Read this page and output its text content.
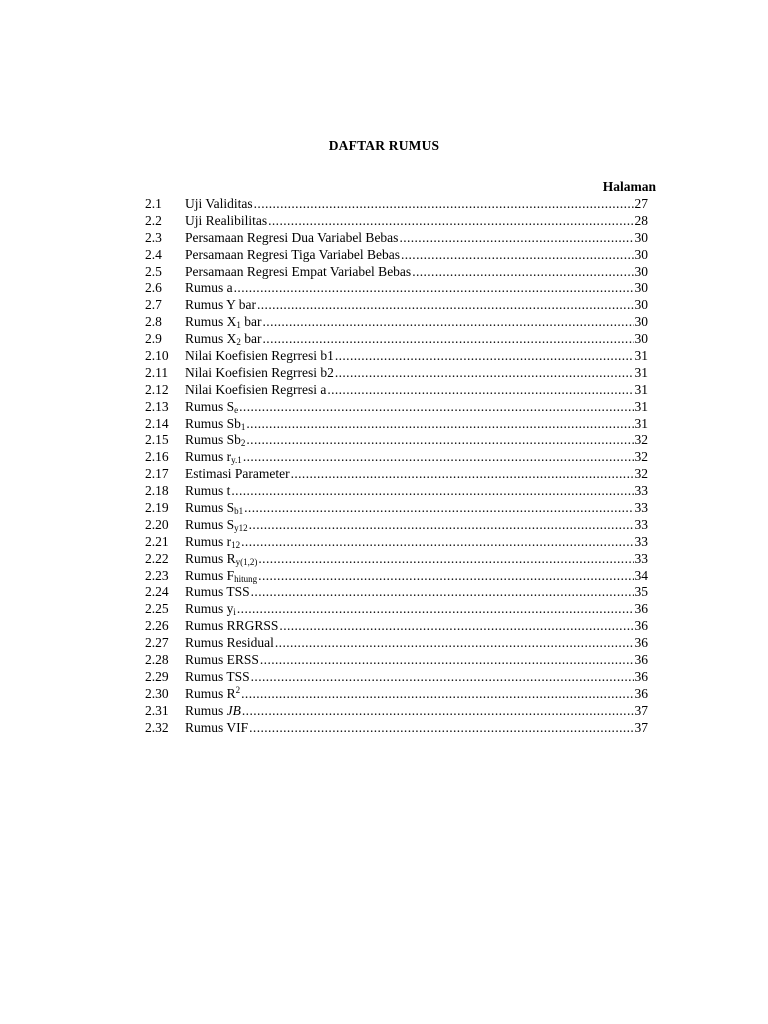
DAFTAR RUMUS
Halaman
2.1	Uji Validitas .....	27
2.2	Uji Realibilitas .....	28
2.3	Persamaan Regresi Dua Variabel Bebas .....	30
2.4	Persamaan Regresi Tiga Variabel Bebas .....	30
2.5	Persamaan Regresi Empat Variabel Bebas .....	30
2.6	Rumus a .....	30
2.7	Rumus Y bar .....	30
2.8	Rumus $X_1$ bar .....	30
2.9	Rumus $X_2$ bar .....	30
2.10	Nilai Koefisien Regrresi b1 .....	31
2.11	Nilai Koefisien Regrresi b2 .....	31
2.12	Nilai Koefisien Regrresi a .....	31
2.13	Rumus $S_e$ .....	31
2.14	Rumus $Sb_1$ .....	31
2.15	Rumus $Sb_2$ .....	32
2.16	Rumus $r_{y.1}$ .....	32
2.17	Estimasi Parameter .....	32
2.18	Rumus t .....	33
2.19	Rumus $S_{b1}$ .....	33
2.20	Rumus $S_{y12}$ .....	33
2.21	Rumus $r_{12}$ .....	33
2.22	Rumus $R_{y(1,2)}$ .....	33
2.23	Rumus $F_{hitung}$ .....	34
2.24	Rumus TSS .....	35
2.25	Rumus $y_i$ .....	36
2.26	Rumus RRGRSS .....	36
2.27	Rumus Residual .....	36
2.28	Rumus ERSS .....	36
2.29	Rumus TSS .....	36
2.30	Rumus $R^2$ .....	36
2.31	Rumus JB .....	37
2.32	Rumus VIF .....	37
